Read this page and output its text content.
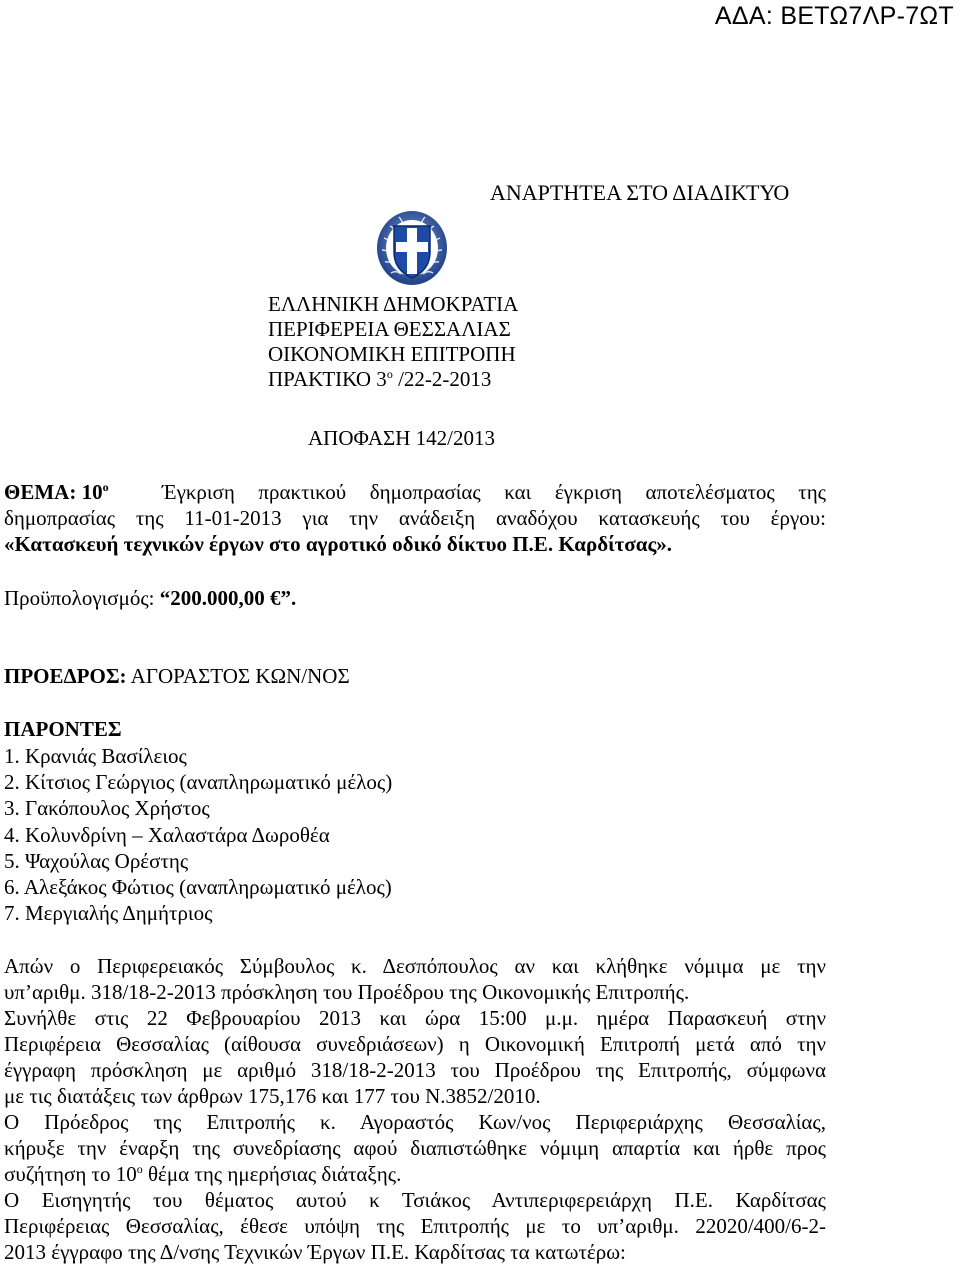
ΑΔΑ: ΒΕΤΩ7ΛΡ-7ΩΤ
ΑΝΑΡΤΗΤΕΑ ΣΤΟ ΔΙΑΔΙΚΤΥΟ
ΕΛΛΗΝΙΚΗ ΔΗΜΟΚΡΑΤΙΑ
ΠΕΡΙΦΕΡΕΙΑ ΘΕΣΣΑΛΙΑΣ
ΟΙΚΟΝΟΜΙΚΗ ΕΠΙΤΡΟΠΗ
ΠΡΑΚΤΙΚΟ $3^o$ /22-2-2013
ΑΠΟΦΑΣΗ 142/2013
ΘΕΜΑ: $10^o$	Έγκριση πρακτικού δημοπρασίας και έγκριση αποτελέσματος της
δημοπρασίας της 11-01-2013 για την ανάδειξη αναδόχου κατασκευής του έργου:
«Κατασκευή τεχνικών έργων στο αγροτικό οδικό δίκτυο Π.Ε. Καρδίτσας».
Προϋπολογισμός: “200.000,00 €”.
ΠΡΟΕΔΡΟΣ: ΑΓΟΡΑΣΤΟΣ ΚΩΝ/ΝΟΣ
ΠΑΡΟΝΤΕΣ
1. Κρανιάς Βασίλειος
2. Κίτσιος Γεώργιος (αναπληρωματικό μέλος)
3. Γακόπουλος Χρήστος
4. Κολυνδρίνη – Χαλαστάρα Δωροθέα
5. Ψαχούλας Ορέστης
6. Αλεξάκος Φώτιος (αναπληρωματικό μέλος)
7. Μεργιαλής Δημήτριος
Απών ο Περιφερειακός Σύμβουλος κ. Δεσπόπουλος αν και κλήθηκε νόμιμα με την
υπ’αριθμ. 318/18-2-2013 πρόσκληση του Προέδρου της Οικονομικής Επιτροπής.
Συνήλθε στις 22 Φεβρουαρίου 2013 και ώρα 15:00 μ.μ. ημέρα Παρασκευή στην
Περιφέρεια Θεσσαλίας (αίθουσα συνεδριάσεων) η Οικονομική Επιτροπή μετά από την
έγγραφη πρόσκληση με αριθμό 318/18-2-2013 του Προέδρου της Επιτροπής, σύμφωνα
με τις διατάξεις των άρθρων 175,176 και 177 του Ν.3852/2010.
Ο Πρόεδρος της Επιτροπής κ. Αγοραστός Κων/νος Περιφεριάρχης Θεσσαλίας,
κήρυξε την έναρξη της συνεδρίασης αφού διαπιστώθηκε νόμιμη απαρτία και ήρθε προς
συζήτηση το $10^o$ θέμα της ημερήσιας διάταξης.
Ο Εισηγητής του θέματος αυτού κ Τσιάκος Αντιπεριφερειάρχη Π.Ε. Καρδίτσας
Περιφέρειας Θεσσαλίας, έθεσε υπόψη της Επιτροπής με το υπ’αριθμ. 22020/400/6-2-
2013 έγγραφο της Δ/νσης Τεχνικών Έργων Π.Ε. Καρδίτσας τα κατωτέρω:
